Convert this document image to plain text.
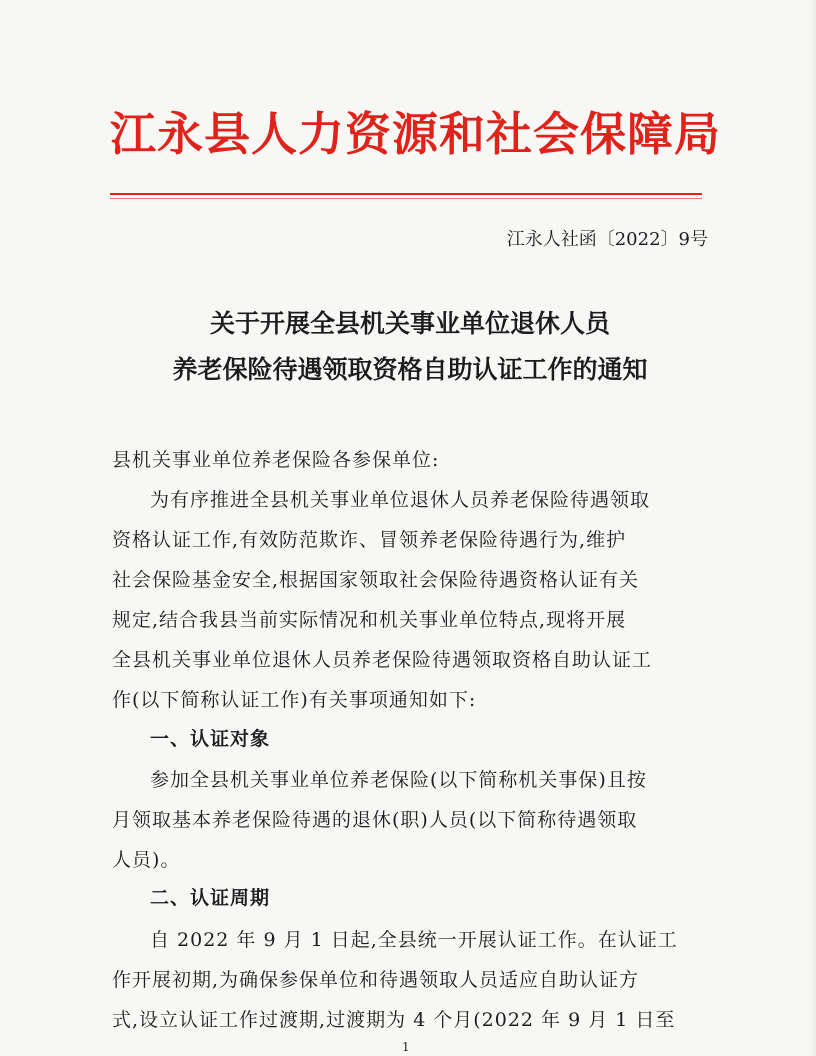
江永县人力资源和社会保障局
江永人社函〔2022〕9号
关于开展全县机关事业单位退休人员
养老保险待遇领取资格自助认证工作的通知
县机关事业单位养老保险各参保单位:
为有序推进全县机关事业单位退休人员养老保险待遇领取
资格认证工作,有效防范欺诈、冒领养老保险待遇行为,维护
社会保险基金安全,根据国家领取社会保险待遇资格认证有关
规定,结合我县当前实际情况和机关事业单位特点,现将开展
全县机关事业单位退休人员养老保险待遇领取资格自助认证工
作(以下简称认证工作)有关事项通知如下:
一、认证对象
参加全县机关事业单位养老保险(以下简称机关事保)且按
月领取基本养老保险待遇的退休(职)人员(以下简称待遇领取
人员)。
二、认证周期
自 2022 年 9 月 1 日起,全县统一开展认证工作。在认证工
作开展初期,为确保参保单位和待遇领取人员适应自助认证方
式,设立认证工作过渡期,过渡期为 4 个月(2022 年 9 月 1 日至
1
